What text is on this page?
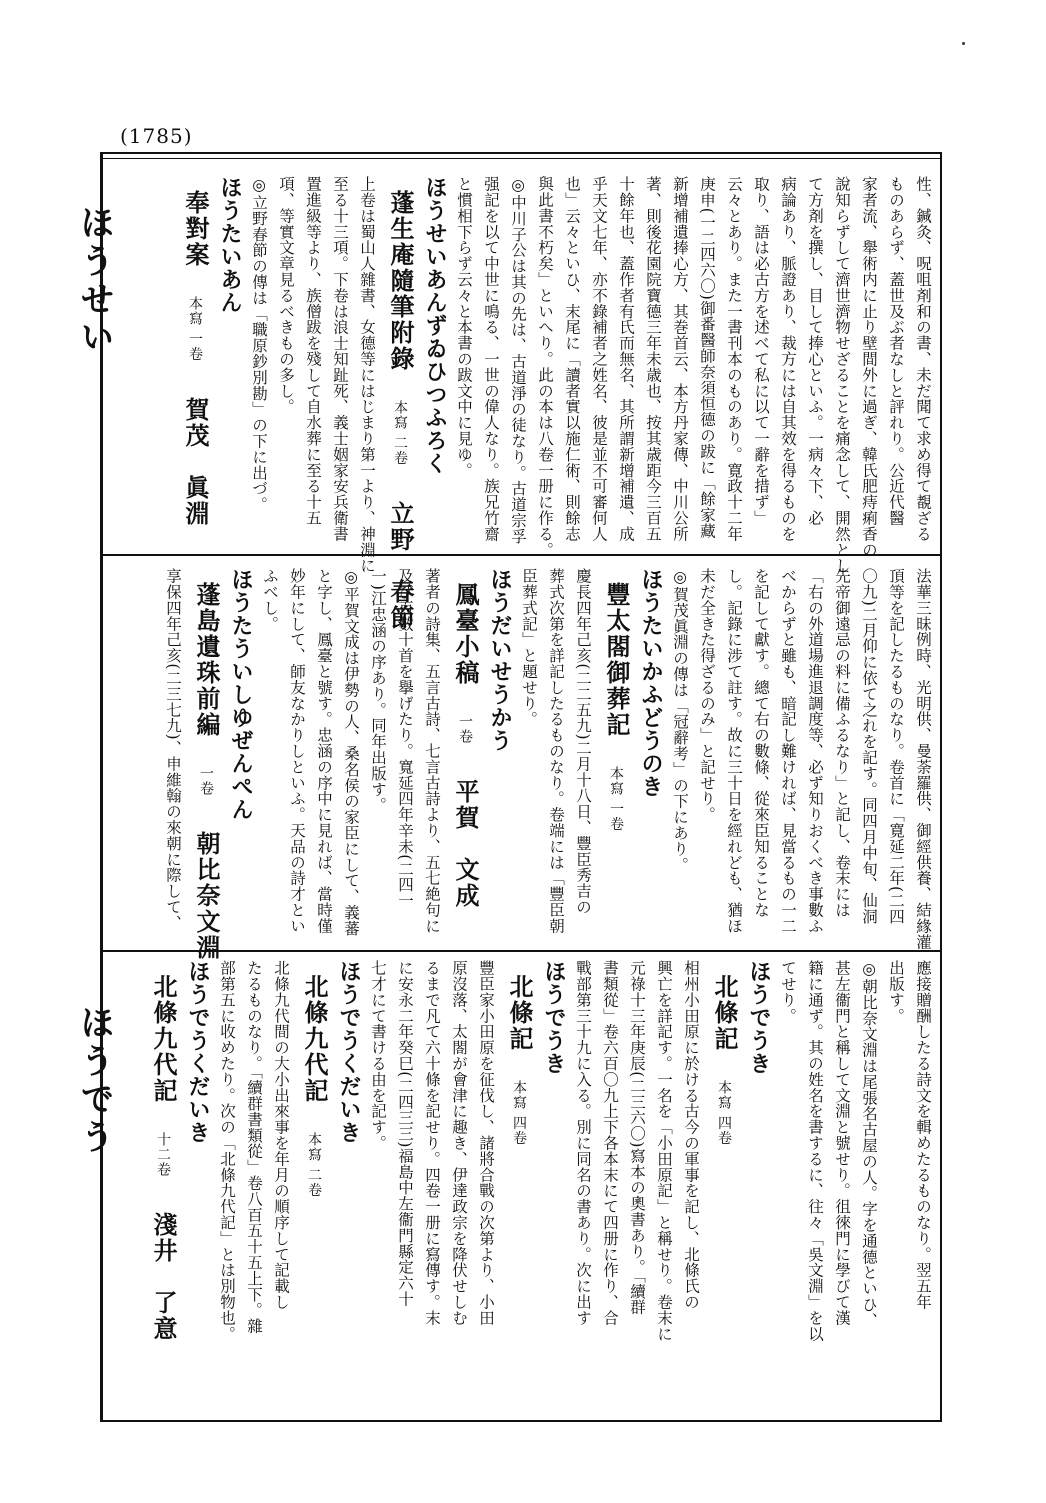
(1785)
ほうせい
ほうでう
性、鍼灸、呪咀剤和の書、未だ聞て求め得て覩ざる
ものあらず、蓋世及ぶ者なしと評れり。公近代醫
家者流、舉術内に止り壁間外に過ぎ、韓氏肥痔痢香の
說知らずして濟世濟物せざることを痛念して、開然とし
て方剤を撰し、目して捧心といふ。一病々下、必
病論あり、脈證あり、裁方には自其效を得るものを
取り、語は必古方を述べて私に以て一辭を措ず」
云々とあり。また一書刊本のものあり。寛政十二年
庚申(一二四六〇)御番醫師奈須恒德の跋に「餘家藏
新增補遺捧心方、其巻首云、本方丹家傳、中川公所
著、則後花園院寶德三年未歳也、按其歳距今三百五
十餘年也、蓋作者有氏而無名、其所謂新增補遺、成
乎天文七年、亦不錄補者之姓名、彼是並不可審何人
也」云々といひ、末尾に「讀者實以施仁術、則餘志
與此書不朽矣」といへり。此の本は八卷一册に作る。
◎中川子公は其の先は、古道淨の徒なり。古道宗孚
强記を以て中世に鳴る、一世の偉人なり。族兄竹齋
と慣相下らず云々と本書の跋文中に見ゆ。
ほうせいあんずゐひつふろく
蓬生庵隨筆附錄 本寫 二卷 立野　春節
上卷は蜀山人雜書、女德等にはじまり第一より、神淵に
至る十三項。下卷は浪士知趾死、義士姻家安兵衛書
置進級等より、族僧跋を殘して自水葬に至る十五
項、等實文章見るべきもの多し。
◎立野春節の傳は「職原鈔別勘」の下に出づ。
ほうたいあん
奉對案 本寫 一卷 賀茂　眞淵
法華三昧例時、光明供、曼荼羅供、御經供養、結緣灌
頂等を記したるものなり。卷首に「寛延二年(二四
〇九)二月仰に依て之れを記す。同四月中旬、仙洞
先帝御遠忌の料に備ふるなり」と記し、卷末には
「右の外道場進退調度等、必ず知りおくべき事數ふ
べからずと雖も、暗記し難ければ、見當るもの一二
を記して獻す。總て右の數條、從來臣知ることな
し。記錄に涉て註す。故に三十日を經れども、猶ほ
未だ全きた得ざるのみ」と記せり。
◎賀茂眞淵の傳は「冠辭考」の下にあり。
ほうたいかふどうのき
豐太閤御葬記 本寫 一卷
慶長四年己亥(二二五九)二月十八日、豐臣秀吉の
葬式次第を詳記したるものなり。卷端には「豐臣朝
臣葬式記」と題せり。
ほうだいせうかう
鳳臺小稿 一卷 平賀　文成
著者の詩集、五言古詩、七言古詩より、五七絶句に
及び百數十首を擧げたり。寬延四年辛未(二四一
一)江忠涵の序あり。同年出版す。
◎平賀文成は伊勢の人、桑名侯の家臣にして、義蕃
と字し、鳳臺と號す。忠涵の序中に見れば、當時僅
妙年にして、師友なかりしといふ。天品の詩才とい
ふべし。
ほうたういしゆぜんぺん
蓬島遺珠前編 一卷 朝比奈文淵
享保四年己亥(二三七九)、申維翰の來朝に際して、
應接贈酬したる詩文を輯めたるものなり。翌五年
出版す。
◎朝比奈文淵は尾張名古屋の人。字を通德といひ、
甚左衞門と稱して文淵と號せり。徂徠門に學びて漢
籍に通ず。其の姓名を書するに、往々「吳文淵」を以
てせり。
ほうでうき
北條記 本寫 四卷
相州小田原に於ける古今の軍事を記し、北條氏の
興亡を詳記す。一名を「小田原記」と稱せり。卷末に
元祿十三年庚辰(二三六〇)寫本の奧書あり。「續群
書類從」卷六百〇九上下各本末にて四册に作り、合
戰部第三十九に入る。別に同名の書あり。次に出す
ほうでうき
北條記 本寫 四卷
豐臣家小田原を征伐し、諸將合戰の次第より、小田
原沒落、太閤が會津に趣き、伊達政宗を降伏せしむ
るまで凡て六十條を記せり。四卷一册に寫傳す。末
に安永二年癸巳(二四三三)福島中左衞門縣定六十
七才にて書ける由を記す。
ほうでうくだいき
北條九代記 本寫 二卷
北條九代間の大小出來事を年月の順序して記載し
たるものなり。「續群書類從」卷八百五十五上下。雜
部第五に收めたり。次の「北條九代記」とは別物也。
ほうでうくだいき
北條九代記 十二卷 淺井　了意
